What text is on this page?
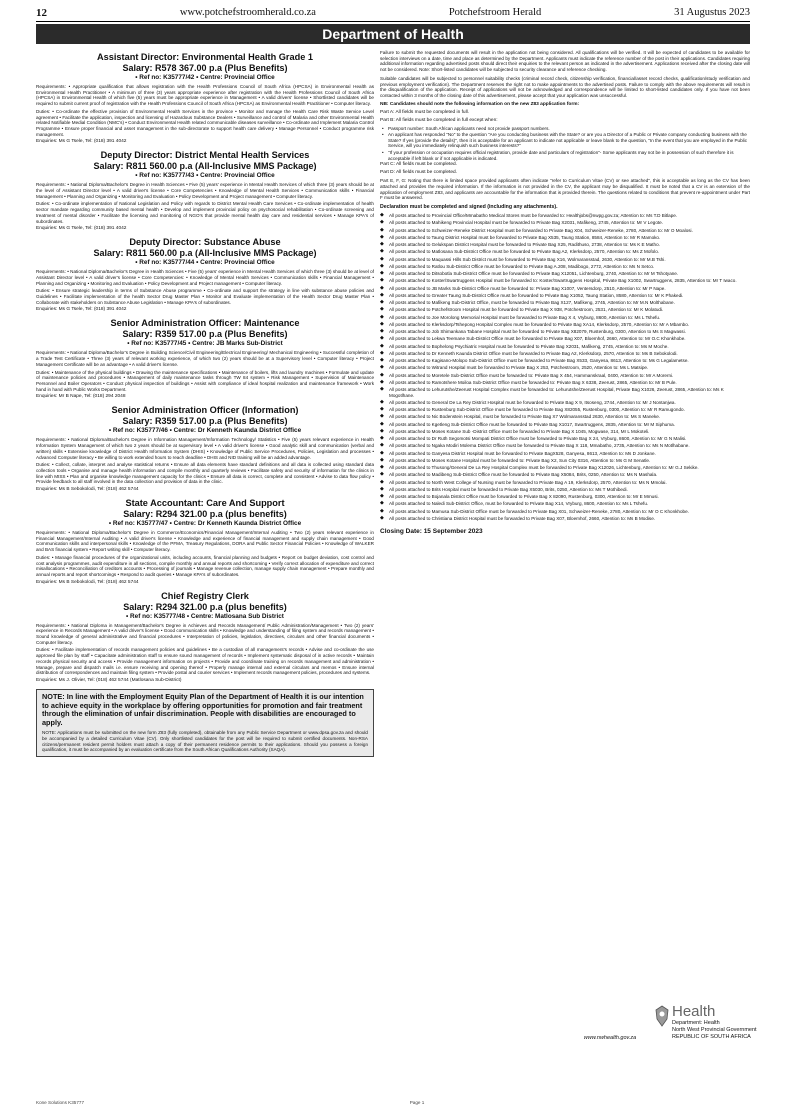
12	www.potchefstroomherald.co.za	Potchefstroom Herald	31 Augustus 2023
Department of Health
Assistant Director: Environmental Health Grade 1
Salary: R578 367.00 p.a (Plus Benefits)
• Ref no: K35777/42 • Centre: Provincial Office

Requirements: • Appropriate qualification that allows registration with the Health Professions Council of South Africa (HPCSA) in Environmental Health as Environmental Health Practitioner • A minimum of three (3) years appropriate experience after registration with the Health Professions Council of South Africa (HPCSA) in Environmental Health of which five (5) years must be appropriate experience in Management • A valid drivers' license • Shortlisted candidates will be required to submit current proof of registration with the Health Professions Council of South Africa (HPCSA) as Environmental Health Practitioner • Computer literacy.

Duties: • Co-ordinate the effective provision of Environmental Health Services in the province • Monitor and manage the Health Care Risk Waste Service Level agreement • Facilitate the application, inspection and licensing of Hazardous Substance Dealers • Surveillance and control of Malaria and other Environmental Health related Notifiable Medial Condition (NMC's) • Conduct Environmental Health related communicable diseases surveillance • Co-ordinate and Implement Malaria Control Programme • Ensure proper financial and asset management in the sub-directorate to support health care delivery • Manage Personnel • Conduct programme risk management.

Enquiries: Ms G Tsele, Tel: (018) 391 4042

Deputy Director: District Mental Health Services
Salary: R811 560.00 p.a (All-Inclusive MMS Package)
• Ref no: K35777/43 • Centre: Provincial Office

Requirements: • National Diploma/Bachelor's Degree in Health Sciences • Five (5) years' experience in Mental Health Services of which three (3) years should be at the level of Assistant Director level • A valid driver's license • Core Competencies • Knowledge of Mental Health Services • Communication skills • Financial Management • Planning and Organizing • Monitoring and Evaluation • Policy Development and Project management • Computer literacy.

Duties: • Co-ordinate implementation of National Legislation and Policy with regards to District Mental Health Care Services • Co-ordinate implementation of health sector mandate regarding community based mental health • Develop and implement provincial policy on psychosocial rehabilitation • Co-ordinate screening and treatment of mental disorder • Facilitate the licensing and monitoring of NGO's that provide mental health day care and residential services • Manage KPA's of subordinates.

Enquiries: Ms G Tsele, Tel: (018) 391 4042

Deputy Director: Substance Abuse
Salary: R811 560.00 p.a (All-Inclusive MMS Package)
• Ref no: K35777/44 • Centre: Provincial Office

Requirements: • National Diploma/Bachelor's Degree in Health Sciences • Five (5) years' experience in Mental Health Services of which three (3) should be at level of Assistant Director level • A valid driver's license • Core Competencies: • Knowledge of Mental Health Services • Communication skills • Financial Management • Planning and Organizing • Monitoring and Evaluation • Policy Development and Project management • Computer literacy.

Duties: • Ensure strategic leadership in terms of Substance Abuse programme • Co-ordinate and support the strategy in line with substance abuse policies and Guidelines • Facilitate implementation of the health Sector Drug Master Plan • Monitor and Evaluate implementation of the Health Sector Drug Master Plan • Collaborate with stakeholders on Substance Abuse Legislation • Manage KPA's of subordinates.

Enquiries: Ms G Tsele, Tel: (018) 391 4042

Senior Administration Officer: Maintenance
Salary: R359 517.00 p.a (Plus Benefits)
• Ref no: K35777/45 • Centre: JB Marks Sub-District

Requirements: • National Diploma/Bachelor's Degree in Building Science/Civil Engineering/Electrical Engineering/ Mechanical Engineering • Successful completion of a Trade Test Certificate • Three (3) years of relevant working experience, of which two (2) years should be at a Supervisory level • Computer literacy • Project Management Certificate will be an advantage • A valid driver's license.

Duties: • Maintenance of the physical buildings • Drawing the maintenance specifications • Maintenance of boilers, lifts and laundry machines • Formulate and update of maintenance policies and procedures • Management of daily maintenance tasks through TW 84 system • Risk Management • Supervision of Maintenance Personnel and Boiler Operators • Conduct physical inspection of buildings • Assist with compliance of ideal hospital realization and maintenance framework • Work hand in hand with Public Works Department.

Enquiries: Mr B Nape, Tel: (018) 294 2048

Senior Administration Officer (Information)
Salary: R359 517.00 p.a (Plus Benefits)
• Ref no: K35777/46 • Centre: Dr Kenneth Kaunda District Office

Requirements: • National Diploma/Bachelor's Degree in Information Management/Information Technology/ Statistics • Five (5) years relevant experience in Health Information System Management of which two 2 years should be at supervisory level • A valid driver's license • Good analytic skill and communication (verbal and written) skills • Extensive knowledge of District Health Information System (DHIS) • Knowledge of Public Service Procedures, Policies, Legislation and processes • Advanced Computer literacy • Be willing to work extended hours to reach deadline • DHIS and NID training will be an added advantage.

Duties: • Collect, collate, interpret and analyse statistical returns • Ensure all data elements have standard definitions and all data is collected using standard data collection tools • Organise and manage health information and compile monthly and quarterly reviews • Facilitate safety and security of information for the clinics in line with MISS • Plan and organise knowledge management capacity for the clinics • Ensure all data is correct, complete and consistent • Advise to data flow policy • Provide feedback to all staff involved in the data collection and provision of data in the clinic.

Enquiries: Ms B Sebokolodi, Tel: (018) 462 5744

State Accountant: Care And Support
Salary: R294 321.00 p.a (plus benefits)
• Ref no: K35777/47 • Centre: Dr Kenneth Kaunda District Office

Requirements: • National Diploma/Bachelor's Degree in Commerce/Economics/Financial Management/Internal Auditing • Two (2) years relevant experience in Financial Management/Internal Auditing • A valid driver's license • Knowledge and experience of financial management and supply chain management • Good Communication skills and interpersonal skills • Knowledge of the PFMA, Treasury Regulations, DORA and Public Sector Financial Policies • Knowledge of WALKER and BAS financial system • Report writing skill • Computer literacy.

Duties: • Manage financial procedures of the organizational units, including accounts, financial planning and budgets • Report on budget deviation, cost control and cost analysis programmes, audit expenditure in all sections, compile monthly and annual reports and shortcoming • Verify correct allocation of expenditure and correct misallocations • Reconciliation of creditors accounts • Processing of journals • Manage revenue collection, manage supply chain management • Prepare monthly and annual reports and report shortcomings • Respond to audit queries • Manage KPA's of subordinates.

Enquiries: Ms B Sebokolodi, Tel: (018) 462 5744

Chief Registry Clerk
Salary: R294 321.00 p.a (plus benefits)
• Ref no: K35777/48 • Centre: Matlosana Sub District

Requirements: • National Diploma in Management/Bachelor's Degree in Achieves and Records Management/ Public Administration/Management • Two (2) years' experience in Records Management • A valid driver's license • Good communication skills • Knowledge and understanding of filing system and records management • Sound knowledge of general administrative and financial procedures • Interpretation of policies, legislation, directives, circulars and other financial documents • Computer literacy.

Duties: • Facilitate implementation of records management policies and guidelines • Be a custodian of all management's records • Advise and co-ordinate the use approved file plan by staff • Capacitate administration staff to ensure sound management of records • Implement systematic disposal of in active records • Maintain records physical security and access • Provide management information on projects • Provide and coordinate training on records management and administration • Manage, prepare and dispatch mails i.e. ensure receiving and opening thereof • Properly manage internal and external circulars and memos • Ensure internal distribution of correspondences and maintain filing system • Provide postal and courier services • Implement records management policies, procedures and systems.

Enquiries: Ms J. Olivier, Tel: (018) 462 5744 (Matlosana Sub-District)

NOTE: In line with the Employment Equity Plan of the Department of Health it is our intention to achieve equity in the workplace by offering opportunities for promotion and fair treatment through the elimination of unfair discrimination. People with disabilities are encouraged to apply.

NOTE: Applications must be submitted on the new form Z83 (fully completed), obtainable from any Public Service Department or www.dpsa.gov.za and should be accompanied by a detailed Curriculum Vitae (CV). Only shortlisted candidates for the post will be required to submit certified documents. Non-RSA citizens/permanent resident permit holders must attach a copy of their permanent residence permits to their applications. Should you possess a foreign qualification, it must be accompanied by an evaluation certificate from the South African Qualifications Authority (SAQA).

Failure to submit the requested documents will result in the application not being considered. All qualifications will be verified. It will be expected of candidates to be available for selection interviews on a date, time and place as determined by the Department. Applicants must indicate the reference number of the post in their applications. Candidates requiring additional information regarding advertised posts should direct their enquiries to the relevant person as indicated in the advertisement. Applications received after the closing date will not be considered. Note: Short-listed candidates will be subjected to security clearance and reference checking.

Suitable candidates will be subjected to personnel suitability checks (criminal record check, citizenship verification, financial/asset record checks, qualification/study verification and previous employment verification). The Department reserves the right not to make appointments to the advertised posts. Failure to comply with the above requirements will result in the disqualification of the application. Receipt of applications will not be acknowledged and correspondence will be limited to short-listed candidates only. If you have not been contacted within 3 months of the closing date of this advertisement, please accept that your application was unsuccessful.

NB: Candidates should note the following information on the new Z83 application form:

Part A: All fields must be completed in full.

Part B: All fields must be completed in full except when:

• Passport number: South African applicants need not provide passport numbers.
• An applicant has responded "No" to the question "Are you conducting business with the State? or are you a Director of a Public or Private company conducting business with the State? If yes (provide the details)", then it is acceptable for an applicant to indicate not applicable or leave blank to the question, "In the event that you are employed in the Public Service, will you immediately relinquish such business interests?"
• "If your profession or occupation requires official registration, provide date and particulars of registration"- Some applicants may not be in possession of such therefore it is acceptable if left blank or if not applicable is indicated.

Part C: All fields must be completed.

Part D: All fields must be completed.

Part E, F, G: Noting that there is limited space provided applicants often indicate "refer to Curriculum Vitae (CV) or see attached", this is acceptable as long as the CV has been attached and provides the required information. If the information is not provided in the CV, the applicant may be disqualified. It must be noted that a CV is an extension of the application of employment Z83, and applicants are accountable for the information that is provided therein. The questions related to conditions that prevent re-appointment under Part F must be answered.

Declaration must be completed and signed (including any attachments).

◆ All posts attached to Provincial Office/Mmabatho Medical Stores must be forwarded to: Healthjobs@nwpg.gov.za; Attention to: Ms T.D Bitlape.
◆ All posts attached to Mahikeng Provincial Hospital must be forwarded to Private Bag X2031, Mafikeng, 2745, Attention to: Mr V Legote.
◆ All posts attached to Schweizer-Reneke District Hospital must be forwarded to Private Bag X04, Schweizer-Reneke, 2780, Attention to: Mr O Moalosi.
◆ All posts attached to Taung District Hospital must be forwarded to Private Bag X535, Taung Station, 8584, Attention to: Mr R Mamoko.
◆ All posts attached to Gelukspan District Hospital must be forwarded to Private Bag X25, Radithuso, 2738, Attention to: Ms K E Matho.
◆ All posts attached to Matlosana Sub-District Office must be forwarded to Private Bag A2, Klerksdorp, 2570, Attention to: Ms Z Mofolo.
◆ All posts attached to Maquassi Hills Sub District must be forwarded to Private Bag X16, Wolmaransstad, 2630, Attention to: Mr M.B Tshi.
◆ All posts attached to Ratlou Sub-District Office must be forwarded to Private Bag A.208, Madibogo, 2772, Attention to: Ms N Setco.
◆ All posts attached to Ditsobotla Sub-District Office must be forwarded to Private Bag X12051, Lichtenburg, 2740, Attention to: Mr M Tshotyane.
◆ All posts attached to Koster/Swartruggens Hospital must be forwarded to: Koster/Swartruggens Hospital, Private Bag X1002, Swartruggens, 2835, Attention to: Mr T Iwaco.
◆ All posts attached to JB Marks Sub-District Office must be forwarded to: Private Bag X1007, Ventersdorp, 2510, Attention to: Mr P Nape.
◆ All posts attached to Greater Taung Sub-District Office must be forwarded to Private Bag X1052, Taung Station, 8580, Attention to: Mr K Phakedi.
◆ All posts attached to Mafikeng Sub-District Office, must be forwarded to Private Bag X127, Mafikeng, 2745, Attention to: Mr M.N Molthabane.
◆ All posts attached to Potchefstroom Hospital must be forwarded to Private Bag X 938, Potchestroom, 2531, Attention to: Mr K Molatudi.
◆ All posts attached to Joe Morolong Memorial Hospital must be forwarded to Private Bag X 4, Vryburg, 8600, Attention to: Ms L Tshefu.
◆ All posts attached to Klerksdorp/Tshepong Hospital Complex must be forwarded to Private Bag XA14, Klerksdorp, 2570, Attention to: Mr A Mbambo.
◆ All posts attached to Job Shimankana Tabane Hospital must be forwarded to Private Bag X82079, Rustenburg, 0300, Attention to Ms S Magwassi.
◆ All posts attached to Lekwa Teemane Sub-District Office must be forwarded to Private Bag X07, Bloemhof, 2660, Attention to: Mr O.C Khonkhobe.
◆ All posts attached to Bophelong Psychiatric Hospital must be forwarded to Private Bag X2031, Mafikeng, 2745, Attention to: Ms M Moche.
◆ All posts attached to Dr Kenneth Kaunda District Office must be forwarded to Private Bag A2, Klerksdorp, 2570, Attention to: Ms B Sebokolodi.
◆ All posts attached to Kagisano-Molopo Sub-District Office must be forwarded to Private Bag X533, Ganyesa, 8613, Attention to: Ms G Legalametse.
◆ All posts attached to Witrand Hospital must be forwarded to Private Bag X 253, Potchestroom, 2520, Attention to: Ms L Matsipe.
◆ All posts attached to Moretele Sub-District Office must be forwarded to: Private Bag X 454, Hammanskraal, 0400, Attention to: Mr A Morerni.
◆ All posts attached to Ramotshere Moiloa Sub-District Office must be forwarded to: Private Bag X 6338, Zeerust, 2865, Attention to: Mr B Pule.
◆ All posts attached to Lehurutshe/Zeerust Hospital Complex must be forwarded to: Lehurutshe/Zeerust Hospital, Private Bag X1026, Zeerust, 2865, Attention to: Ms K Mogotlhane.
◆ All posts attached to General De La Rey District Hospital must be forwarded to Private Bag X 9, Itsoseng, 2744, Attention to: Mr J Nontanjwa.
◆ All posts attached to Rustenburg Sub-District Office must be forwarded to Private Bag X82055, Rustenburg, 0300, Attention to: Mr R Ramugondo.
◆ All posts attached to Nic Bodenstein Hospital, must be forwarded to Private Bag X7 Wolmaransstad 2630, Attention to: Ms S Maneke.
◆ All posts attached to Kgetleng Sub-District Office must be forwarded to Private Bag X1017, Swartruggens, 2835, Attention to: Mr M Siphuma.
◆ All posts attached to Moses Kotane Sub -District Office must be forwarded to Private Bag X 1045, Mogwase, 314, Mr L Mokoteli.
◆ All posts attached to Dr Ruth Segomotsi Mompati District Office must be forwarded to Private Bag X 24, Vryburg, 8600, Attention to: Mr G N Malisi.
◆ All posts attached to Ngaka Modiri Molema District Office must be forwarded to Private Bag X 118, Mmabatho, 2735, Attention to: Ms N Motlhabane.
◆ All posts attached to Ganyesa District Hospital must be forwarded to Private BagX528, Ganyesa, 8613, Attention to: Ms D Jonkane.
◆ All posts attached to Moses Kotane Hospital must be forwarded to: Private Bag X2, Sun City 0316, Attention to: Ms G M Senatle.
◆ All posts attached to Thusong/General De La Rey Hospital Complex must be forwarded to Private Bag X12026, Lichtenburg, Attention to: Mr G.J Sekike.
◆ All posts attached to Madibeng Sub-District Office must be forwarded to Private Bag X5084, Brits, 0250, Attention to: Ms N Mashala.
◆ All posts attached to North West College of Nursing must be forwarded to Private Bag A 19, Klerksdorp, 2570, Attention to: Ms N Mmolai.
◆ All posts attached to Brits Hospital must be forwarded to Private Bag X5030, Brits, 0250, Attention to: Ms T Mothibedi.
◆ All posts attached to Bojanala District Office must be forwarded to Private Bag X 82090, Rustenburg, 0300, Attention to: Mr E Mmusi.
◆ All posts attached to Naledi Sub-District Office, must be forwarded to Private Bag X14, Vryburg, 8600, Attention to: Ms L Tshefu.
◆ All posts attached to Mamusa Sub-District Office must be forwarded to Private Bag X01, Schweizer-Reneke, 2780, Attention to: Mr O C Khonkhobe.
◆ All posts attached to Christiana District Hospital must be forwarded to Private Bag X07, Bloemhof, 2660, Attention to: Ms B Modise.

Closing Date: 15 September 2023

www.nwhealth.gov.za
Health
Department: Health
North West Provincial Government
REPUBLIC OF SOUTH AFRICA
Kone Solutions K35777	Page 1
